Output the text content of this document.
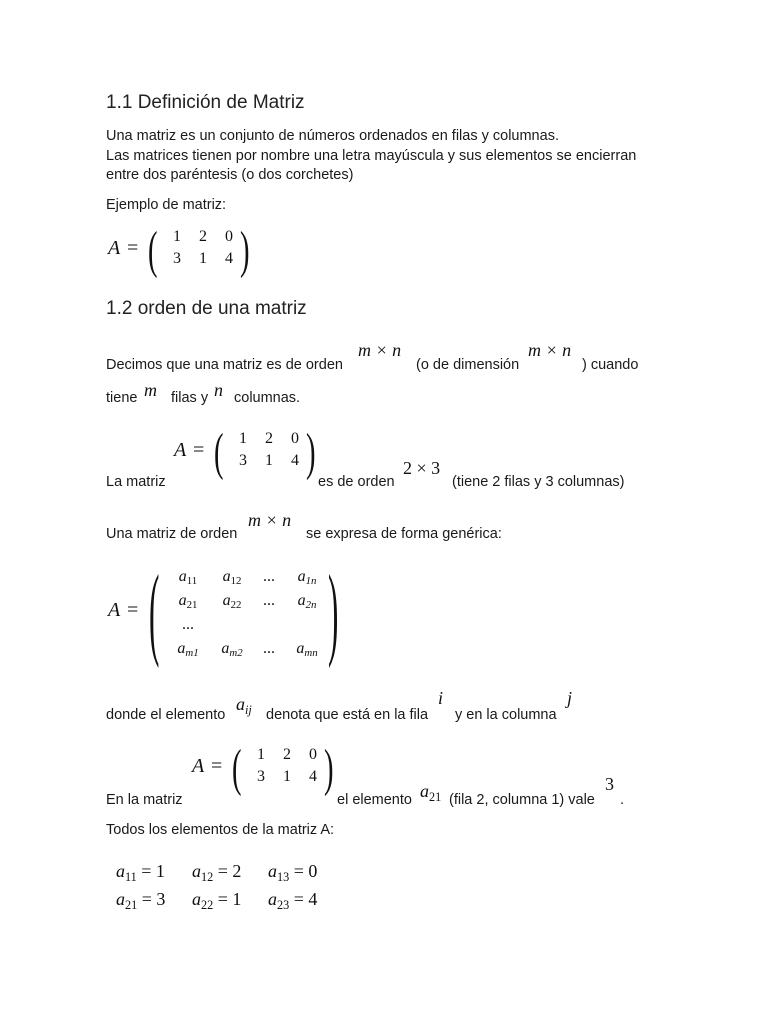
1.1 Definición de Matriz
Una matriz es un conjunto de números ordenados en filas y columnas.
Las matrices tienen por nombre una letra mayúscula y sus elementos se encierran
entre dos paréntesis (o dos corchetes)
Ejemplo de matriz:
A = ( 1	2	0
3	1	4 )
1.2 orden de una matriz
Decimos que una matriz es de orden
m × n
(o de dimensión
m × n
) cuando
tiene m filas y n columnas.
La matriz
A = ( 1	2	0
3	1	4 )
es de orden
2 × 3
(tiene 2 filas y 3 columnas)
Una matriz de orden
m × n
se expresa de forma genérica:
A = (	$a_{11}$	$a_{12}$	...	$a_{1n}$
$a_{21}$	$a_{22}$	...	$a_{2n}$
...
$a_{m1}$	$a_{m2}$	...	$a_{mn}$ )
donde el elemento
$a_{ij}$ denota que está en la fila
i
y en la columna
j
En la matriz
A = ( 1	2	0
3	1	4 )
el elemento $a_{21}$ (fila 2, columna 1) vale
3
.
Todos los elementos de la matriz A:
$a_{11} = 1$	$a_{12} = 2$	$a_{13} = 0$
$a_{21} = 3$	$a_{22} = 1$	$a_{23} = 4$
